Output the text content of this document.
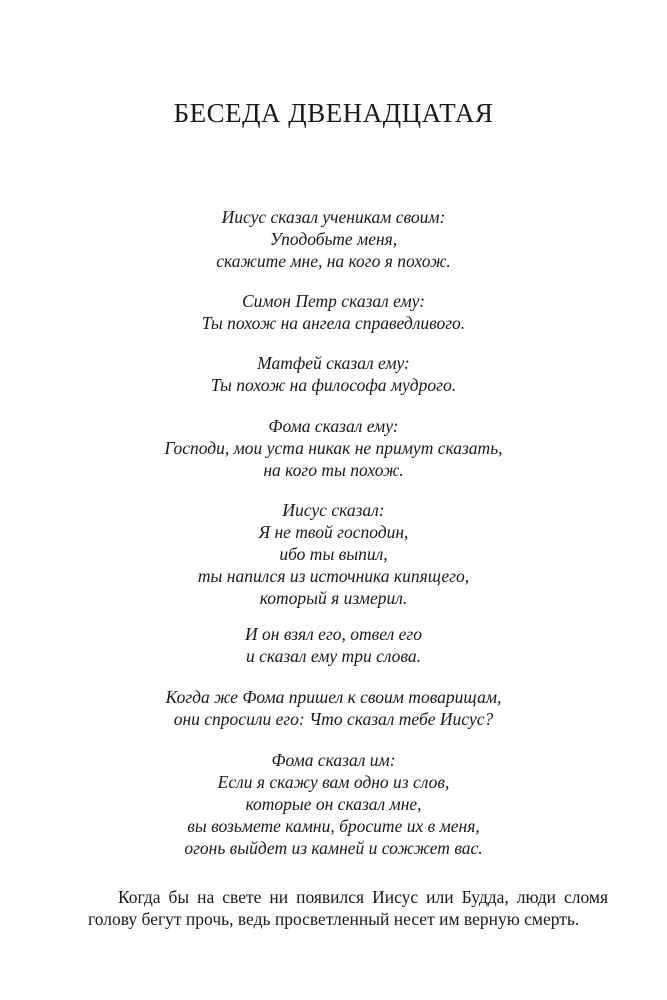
БЕСЕДА ДВЕНАДЦАТАЯ
Иисус сказал ученикам своим:
Уподобьте меня,
скажите мне, на кого я похож.
Симон Петр сказал ему:
Ты похож на ангела справедливого.
Матфей сказал ему:
Ты похож на философа мудрого.
Фома сказал ему:
Господи, мои уста никак не примут сказать,
на кого ты похож.
Иисус сказал:
Я не твой господин,
ибо ты выпил,
ты напился из источника кипящего,
который я измерил.
И он взял его, отвел его
и сказал ему три слова.
Когда же Фома пришел к своим товарищам,
они спросили его: Что сказал тебе Иисус?
Фома сказал им:
Если я скажу вам одно из слов,
которые он сказал мне,
вы возьмете камни, бросите их в меня,
огонь выйдет из камней и сожжет вас.
Когда бы на свете ни появился Иисус или Будда, люди сломя
голову бегут прочь, ведь просветленный несет им верную смерть.
